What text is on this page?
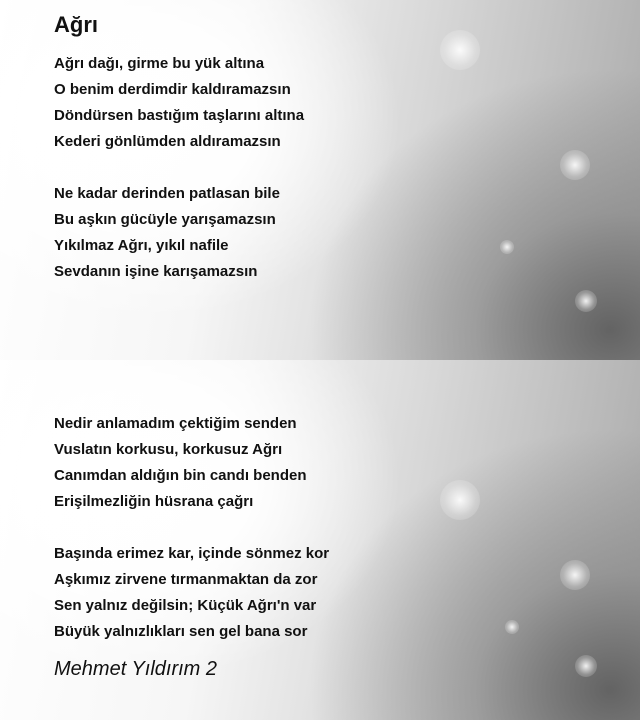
Ağrı
Ağrı dağı, girme bu yük altına
O benim derdimdir kaldıramazsın
Döndürsen bastığım taşlarını altına
Kederi gönlümden aldıramazsın
Ne kadar derinden patlasan bile
Bu aşkın gücüyle yarışamazsın
Yıkılmaz Ağrı, yıkıl nafile
Sevdanın işine karışamazsın
Nedir anlamadım çektiğim senden
Vuslatın korkusu, korkusuz Ağrı
Canımdan aldığın bin candı benden
Erişilmezliğin hüsrana çağrı
Başında erimez kar, içinde sönmez kor
Aşkımız zirvene tırmanmaktan da zor
Sen yalnız değilsin; Küçük Ağrı'n var
Büyük yalnızlıkları sen gel bana sor
Mehmet Yıldırım 2
